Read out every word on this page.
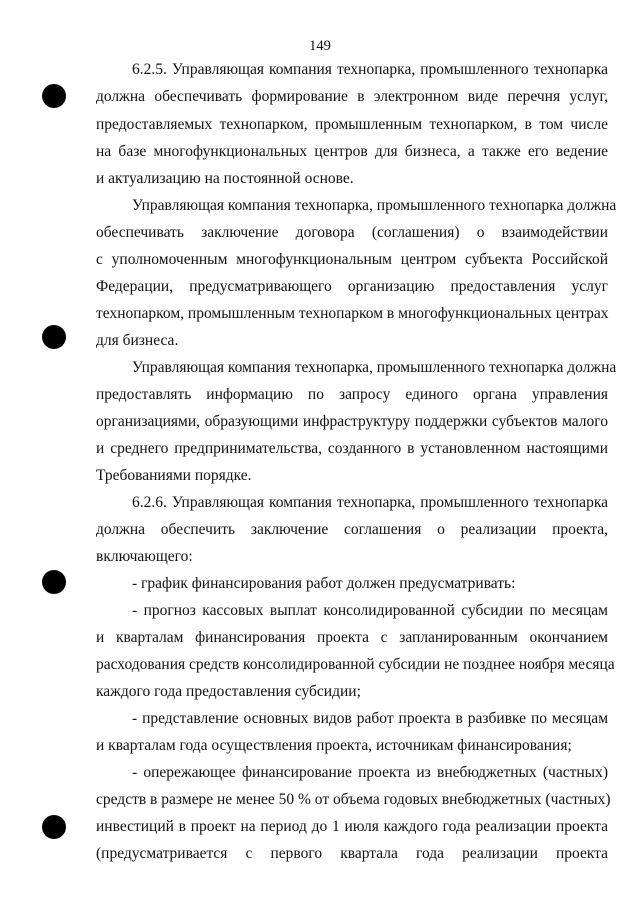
149
6.2.5. Управляющая компания технопарка, промышленного технопарка
должна обеспечивать формирование в электронном виде перечня услуг,
предоставляемых технопарком, промышленным технопарком, в том числе
на базе многофункциональных центров для бизнеса, а также его ведение
и актуализацию на постоянной основе.
Управляющая компания технопарка, промышленного технопарка должна
обеспечивать заключение договора (соглашения) о взаимодействии
с уполномоченным многофункциональным центром субъекта Российской
Федерации, предусматривающего организацию предоставления услуг
технопарком, промышленным технопарком в многофункциональных центрах
для бизнеса.
Управляющая компания технопарка, промышленного технопарка должна
предоставлять информацию по запросу единого органа управления
организациями, образующими инфраструктуру поддержки субъектов малого
и среднего предпринимательства, созданного в установленном настоящими
Требованиями порядке.
6.2.6. Управляющая компания технопарка, промышленного технопарка
должна обеспечить заключение соглашения о реализации проекта,
включающего:
- график финансирования работ должен предусматривать:
- прогноз кассовых выплат консолидированной субсидии по месяцам
и кварталам финансирования проекта с запланированным окончанием
расходования средств консолидированной субсидии не позднее ноября месяца
каждого года предоставления субсидии;
- представление основных видов работ проекта в разбивке по месяцам
и кварталам года осуществления проекта, источникам финансирования;
- опережающее финансирование проекта из внебюджетных (частных)
средств в размере не менее 50 % от объема годовых внебюджетных (частных)
инвестиций в проект на период до 1 июля каждого года реализации проекта
(предусматривается с первого квартала года реализации проекта
